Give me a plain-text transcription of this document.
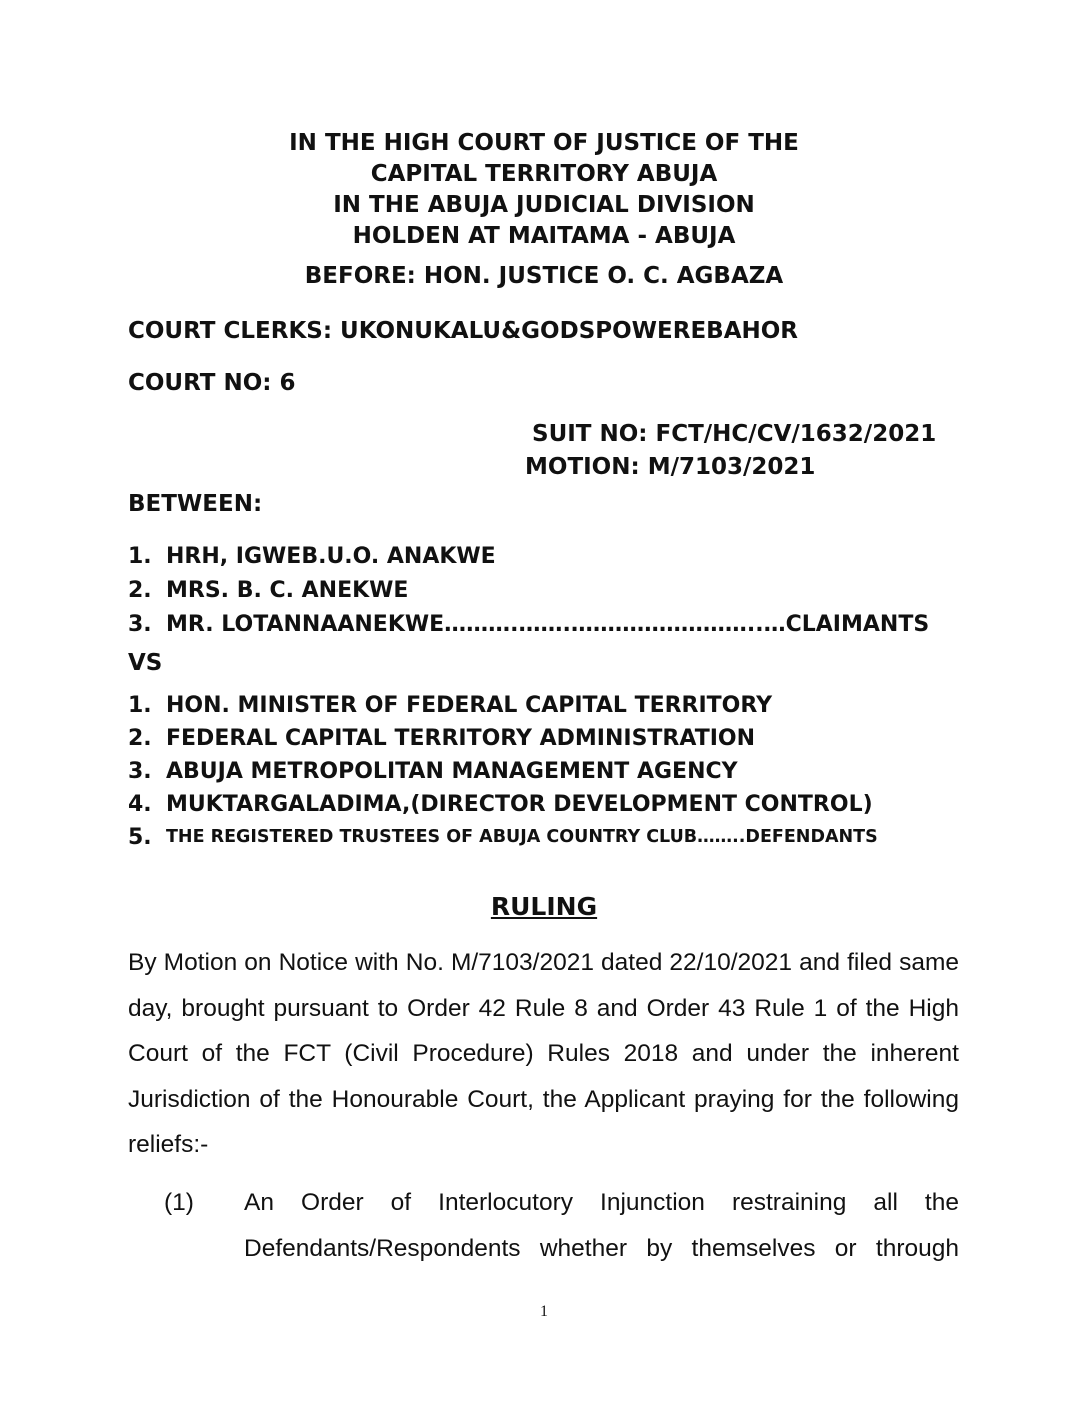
IN THE HIGH COURT OF JUSTICE OF THE
CAPITAL TERRITORY ABUJA
IN THE ABUJA JUDICIAL DIVISION
HOLDEN AT MAITAMA - ABUJA
BEFORE: HON. JUSTICE O. C. AGBAZA
COURT CLERKS: UKONUKALU&GODSPOWEREBAHOR
COURT NO: 6
SUIT NO: FCT/HC/CV/1632/2021
MOTION: M/7103/2021
BETWEEN:
1. HRH, IGWEB.U.O. ANAKWE
2. MRS. B. C. ANEKWE
3. MR. LOTANNAANEKWE……….…….……………………..…CLAIMANTS
VS
1. HON. MINISTER OF FEDERAL CAPITAL TERRITORY
2. FEDERAL CAPITAL TERRITORY ADMINISTRATION
3. ABUJA METROPOLITAN MANAGEMENT AGENCY
4. MUKTARGALADIMA,(DIRECTOR DEVELOPMENT CONTROL)
5. THE REGISTERED TRUSTEES OF ABUJA COUNTRY CLUB……..DEFENDANTS
RULING

By Motion on Notice with No. M/7103/2021 dated 22/10/2021 and filed same day, brought pursuant to Order 42 Rule 8 and Order 43 Rule 1 of the High Court of the FCT (Civil Procedure) Rules 2018 and under the inherent Jurisdiction of the Honourable Court, the Applicant praying for the following reliefs:-

(1)	An Order of Interlocutory Injunction restraining all the Defendants/Respondents whether by themselves or through
1
